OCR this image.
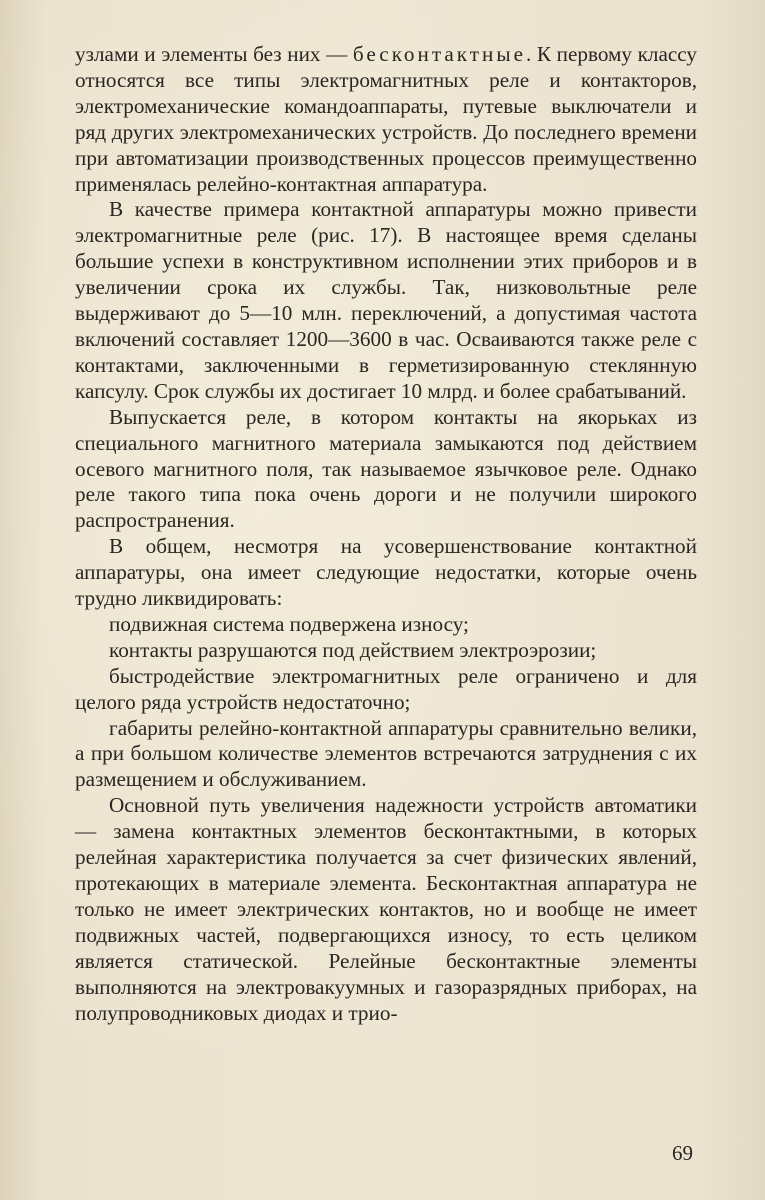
узлами и элементы без них — бесконтактные. К первому классу относятся все типы электромагнитных реле и контакторов, электромеханические командоаппараты, путевые выключатели и ряд других электромеханических устройств. До последнего времени при автоматизации производственных процессов преимущественно применялась релейно-контактная аппаратура.

В качестве примера контактной аппаратуры можно привести электромагнитные реле (рис. 17). В настоящее время сделаны большие успехи в конструктивном исполнении этих приборов и в увеличении срока их службы. Так, низковольтные реле выдерживают до 5—10 млн. переключений, а допустимая частота включений составляет 1200—3600 в час. Осваиваются также реле с контактами, заключенными в герметизированную стеклянную капсулу. Срок службы их достигает 10 млрд. и более срабатываний.

Выпускается реле, в котором контакты на якорьках из специального магнитного материала замыкаются под действием осевого магнитного поля, так называемое язычковое реле. Однако реле такого типа пока очень дороги и не получили широкого распространения.

В общем, несмотря на усовершенствование контактной аппаратуры, она имеет следующие недостатки, которые очень трудно ликвидировать:

подвижная система подвержена износу;

контакты разрушаются под действием электроэрозии;

быстродействие электромагнитных реле ограничено и для целого ряда устройств недостаточно;

габариты релейно-контактной аппаратуры сравнительно велики, а при большом количестве элементов встречаются затруднения с их размещением и обслуживанием.

Основной путь увеличения надежности устройств автоматики — замена контактных элементов бесконтактными, в которых релейная характеристика получается за счет физических явлений, протекающих в материале элемента. Бесконтактная аппаратура не только не имеет электрических контактов, но и вообще не имеет подвижных частей, подвергающихся износу, то есть целиком является статической. Релейные бесконтактные элементы выполняются на электровакуумных и газоразрядных приборах, на полупроводниковых диодах и трио-

69
